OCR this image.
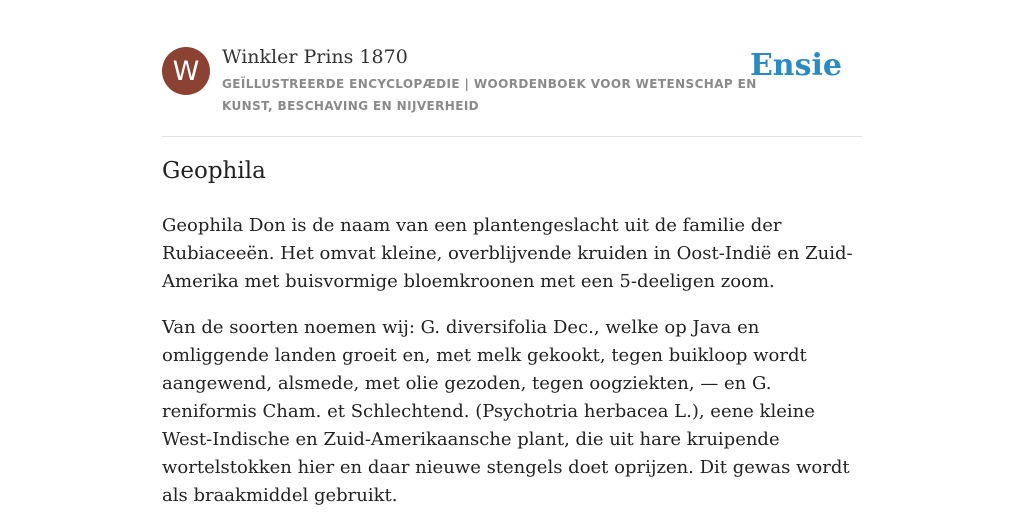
W	Winkler Prins 1870
GEÏLLUSTREERDE ENCYCLOPÆDIE | WOORDENBOEK VOOR WETENSCHAP EN KUNST, BESCHAVING EN NIJVERHEID
Ensie
Geophila

Geophila Don is de naam van een plantengeslacht uit de familie der Rubiaceeën. Het omvat kleine, overblijvende kruiden in Oost-Indië en Zuid-Amerika met buisvormige bloemkroonen met een 5-deeligen zoom.

Van de soorten noemen wij: G. diversifolia Dec., welke op Java en omliggende landen groeit en, met melk gekookt, tegen buikloop wordt aangewend, alsmede, met olie gezoden, tegen oogziekten, — en G. reniformis Cham. et Schlechtend. (Psychotria herbacea L.), eene kleine West-Indische en Zuid-Amerikaansche plant, die uit hare kruipende wortelstokken hier en daar nieuwe stengels doet oprijzen. Dit gewas wordt als braakmiddel gebruikt.
